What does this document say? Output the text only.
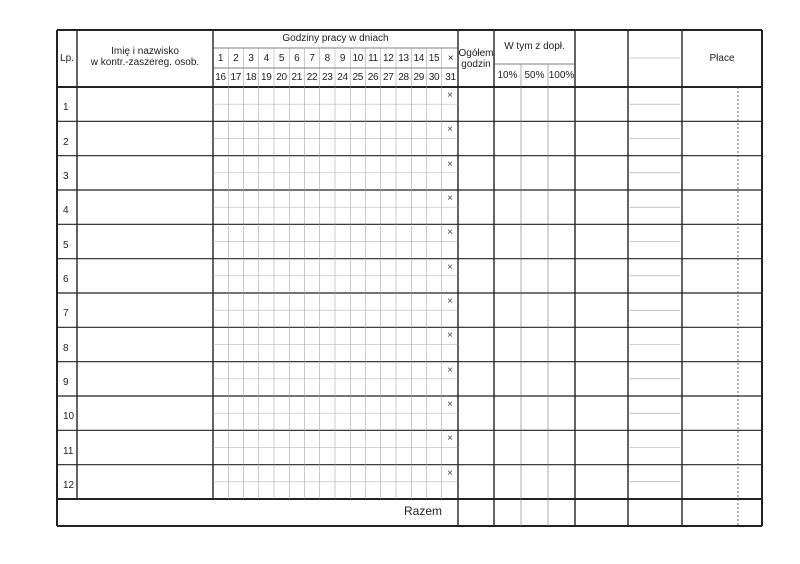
Lp.
Imię i nazwisko
w kontr.-zaszereg. osob.
Godziny pracy w dniach
Ogółem
godzin
W tym z dopł.
10% 50% 100%
Płace
1 2 3 4 5 6 7 8 9 10 11 12 13 14 15
16 17 18 19 20 21 22 23 24 25 26 27 28 29 30
×
31
1
×
2
×
3
×
4
×
5
×
6
×
7
×
8
×
9
×
10
×
11
×
12
×
Razem
